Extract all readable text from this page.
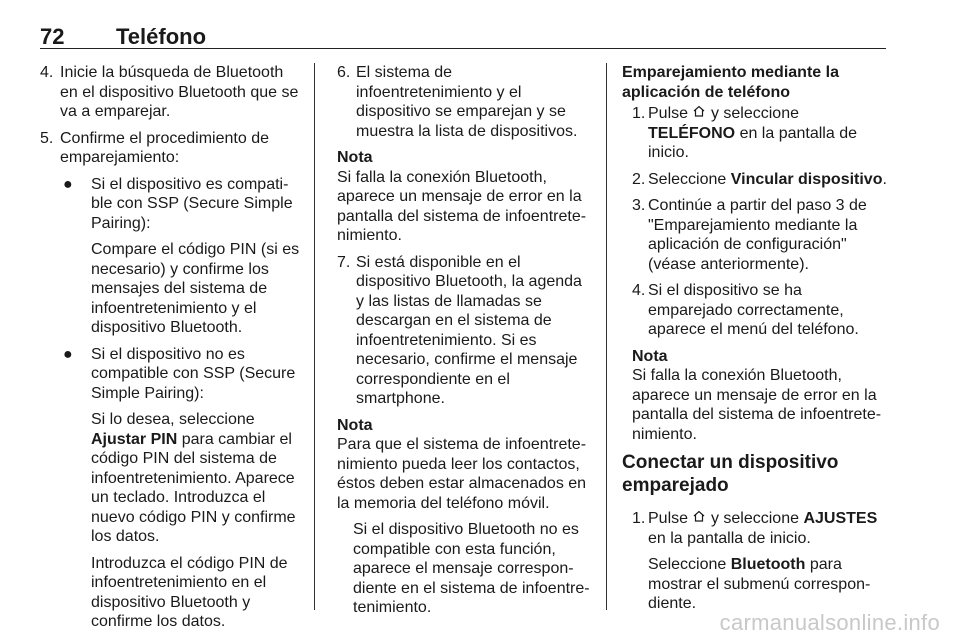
72 Teléfono
4. Inicie la búsqueda de Bluetooth en el dispositivo Bluetooth que se va a emparejar.

5. Confirme el procedimiento de emparejamiento:

●	Si el dispositivo es compati- ble con SSP (Secure Simple Pairing):

Compare el código PIN (si es necesario) y confirme los mensajes del sistema de infoentretenimiento y el dispositivo Bluetooth.

●	Si el dispositivo no es compatible con SSP (Secure Simple Pairing):

Si lo desea, seleccione Ajustar PIN para cambiar el código PIN del sistema de infoentretenimiento. Aparece un teclado. Introduzca el nuevo código PIN y confirme los datos.

Introduzca el código PIN de infoentretenimiento en el dispositivo Bluetooth y confirme los datos.

6. El sistema de infoentretenimiento y el dispositivo se emparejan y se muestra la lista de dispositivos.

Nota

Si falla la conexión Bluetooth, aparece un mensaje de error en la pantalla del sistema de infoentrete- nimiento.

7. Si está disponible en el dispositivo Bluetooth, la agenda y las listas de llamadas se descargan en el sistema de infoentretenimiento. Si es necesario, confirme el mensaje correspondiente en el smartphone.

Nota

Para que el sistema de infoentrete- nimiento pueda leer los contactos, éstos deben estar almacenados en la memoria del teléfono móvil.

Si el dispositivo Bluetooth no es compatible con esta función, aparece el mensaje correspon- diente en el sistema de infoentre- tenimiento.

Emparejamiento mediante la aplicación de teléfono

1. Pulse y seleccione TELÉFONO en la pantalla de inicio.

2. Seleccione Vincular dispositivo.

3. Continúe a partir del paso 3 de "Emparejamiento mediante la aplicación de configuración" (véase anteriormente).

4. Si el dispositivo se ha emparejado correctamente, aparece el menú del teléfono.

Nota

Si falla la conexión Bluetooth, aparece un mensaje de error en la pantalla del sistema de infoentrete- nimiento.

Conectar un dispositivo emparejado

1. Pulse y seleccione AJUSTES en la pantalla de inicio.

Seleccione Bluetooth para mostrar el submenú correspon- diente.

carmanualsonline.info
